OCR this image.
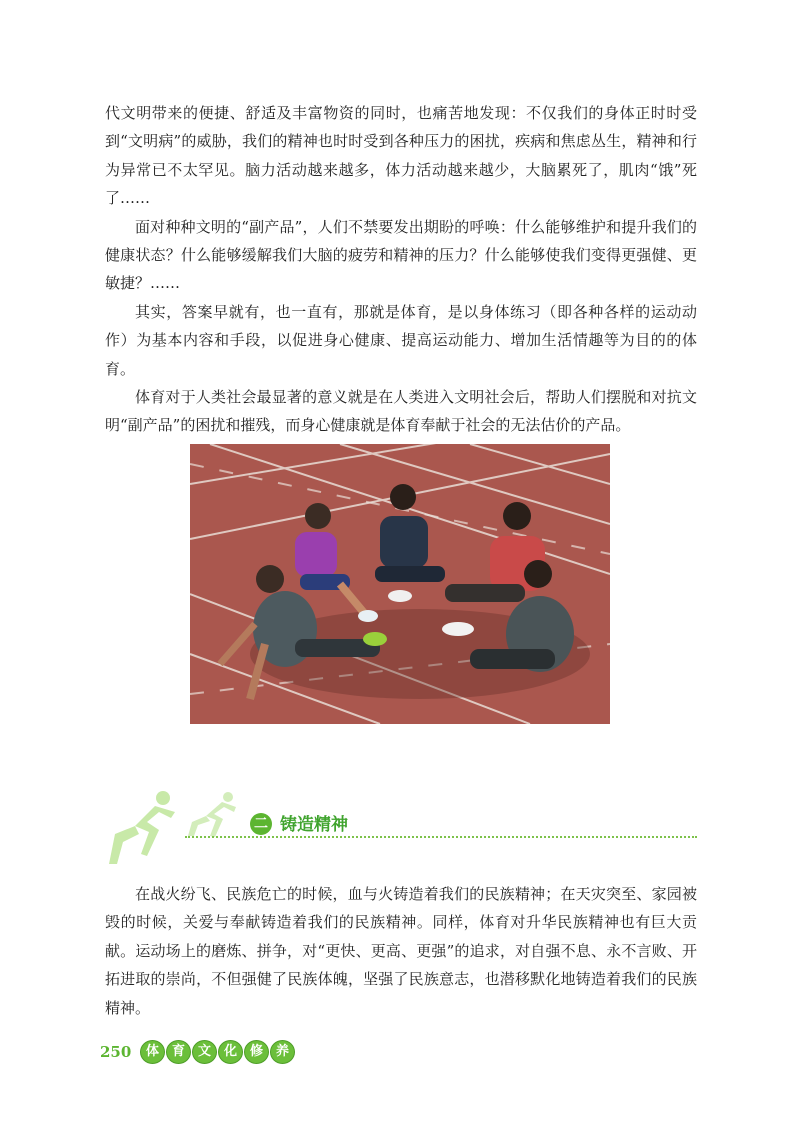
代文明带来的便捷、舒适及丰富物资的同时，也痛苦地发现：不仅我们的身体正时时受到“文明病”的威胁，我们的精神也时时受到各种压力的困扰，疾病和焦虑丛生，精神和行为异常已不太罕见。脑力活动越来越多，体力活动越来越少，大脑累死了，肌肉“饿”死了……

面对种种文明的“副产品”，人们不禁要发出期盼的呼唤：什么能够维护和提升我们的健康状态？什么能够缓解我们大脑的疲劳和精神的压力？什么能够使我们变得更强健、更敏捷？……

其实，答案早就有，也一直有，那就是体育，是以身体练习（即各种各样的运动动作）为基本内容和手段，以促进身心健康、提高运动能力、增加生活情趣等为目的的体育。

体育对于人类社会最显著的意义就是在人类进入文明社会后，帮助人们摆脱和对抗文明“副产品”的困扰和摧残，而身心健康就是体育奉献于社会的无法估价的产品。

二 铸造精神

在战火纷飞、民族危亡的时候，血与火铸造着我们的民族精神；在天灾突至、家园被毁的时候，关爱与奉献铸造着我们的民族精神。同样，体育对升华民族精神也有巨大贡献。运动场上的磨炼、拼争，对“更快、更高、更强”的追求，对自强不息、永不言败、开拓进取的崇尚，不但强健了民族体魄，坚强了民族意志，也潜移默化地铸造着我们的民族精神。

250	体 育 文 化 修 养
